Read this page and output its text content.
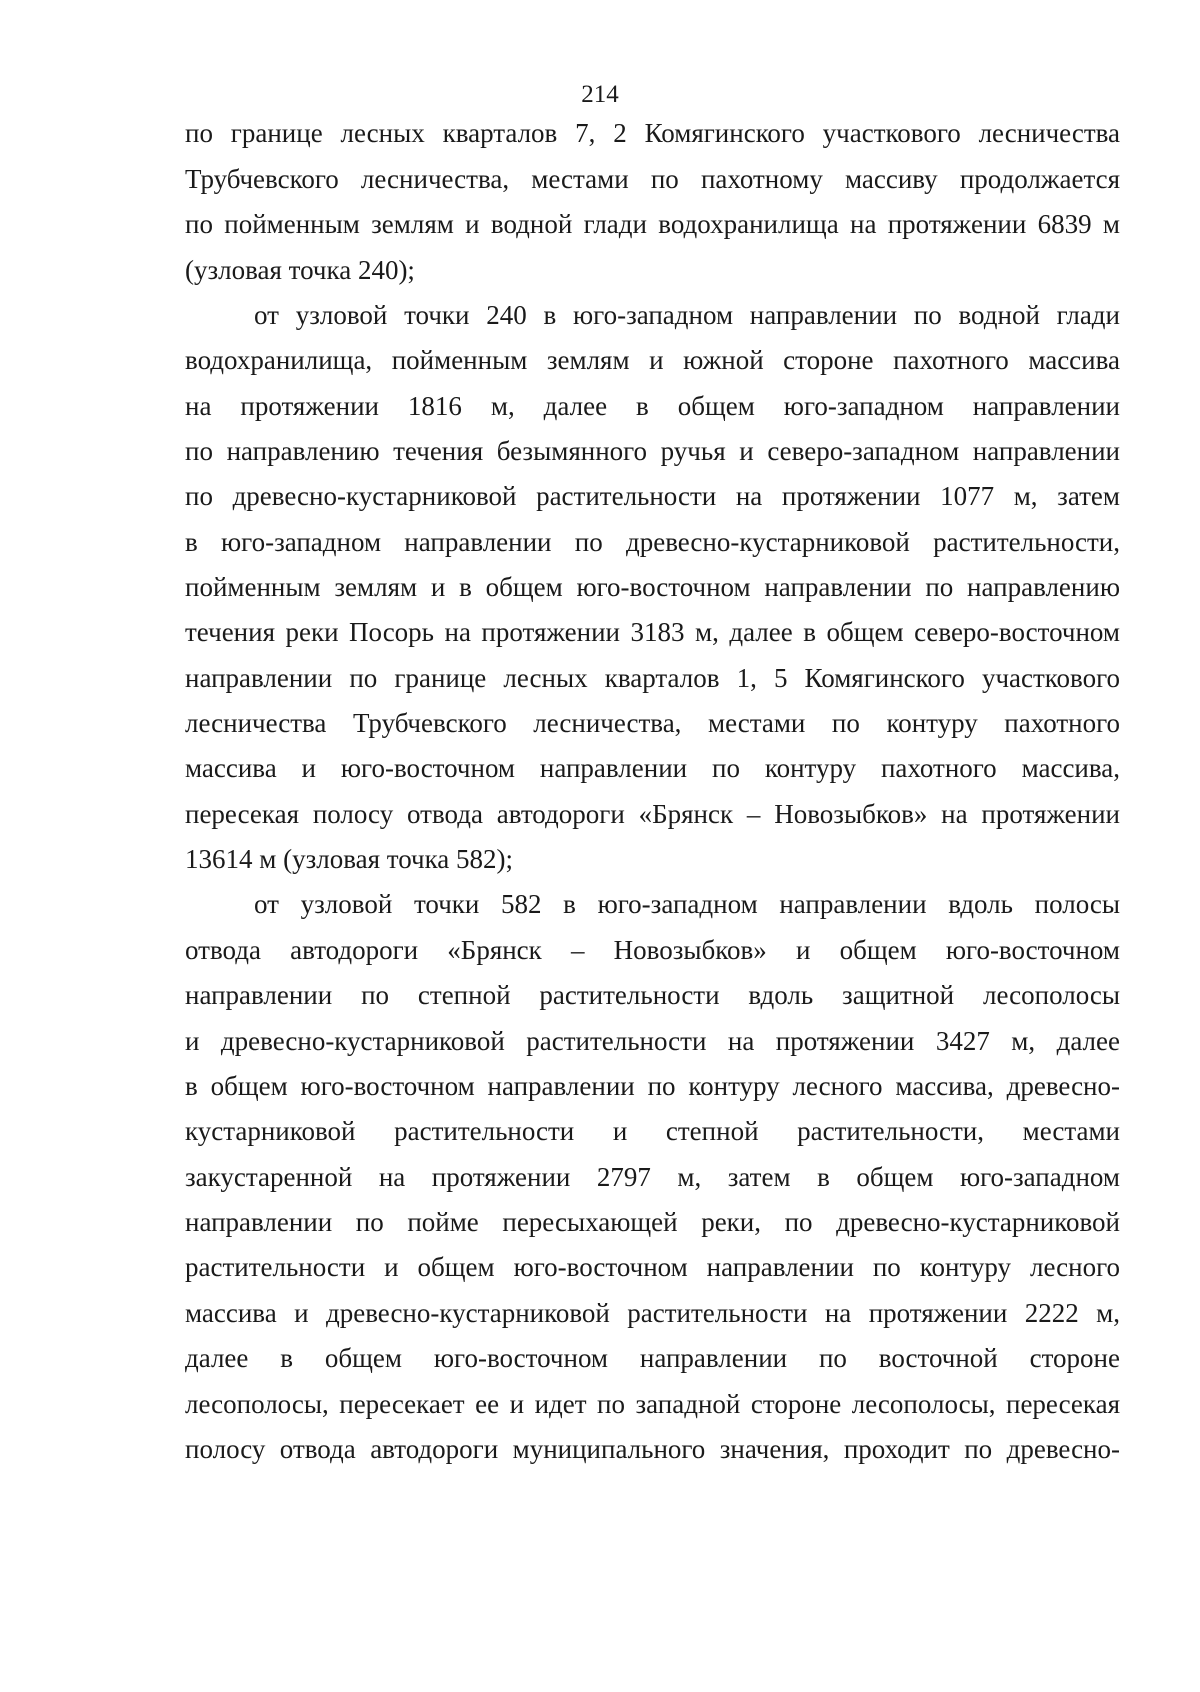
214
по границе лесных кварталов 7, 2 Комягинского участкового лесничества
Трубчевского лесничества, местами по пахотному массиву продолжается
по пойменным землям и водной глади водохранилища на протяжении 6839 м
(узловая точка 240);
от узловой точки 240 в юго-западном направлении по водной глади
водохранилища, пойменным землям и южной стороне пахотного массива
на протяжении 1816 м, далее в общем юго-западном направлении
по направлению течения безымянного ручья и северо-западном направлении
по древесно-кустарниковой растительности на протяжении 1077 м, затем
в юго-западном направлении по древесно-кустарниковой растительности,
пойменным землям и в общем юго-восточном направлении по направлению
течения реки Посорь на протяжении 3183 м, далее в общем северо-восточном
направлении по границе лесных кварталов 1, 5 Комягинского участкового
лесничества Трубчевского лесничества, местами по контуру пахотного
массива и юго-восточном направлении по контуру пахотного массива,
пересекая полосу отвода автодороги «Брянск – Новозыбков» на протяжении
13614 м (узловая точка 582);
от узловой точки 582 в юго-западном направлении вдоль полосы
отвода автодороги «Брянск – Новозыбков» и общем юго-восточном
направлении по степной растительности вдоль защитной лесополосы
и древесно-кустарниковой растительности на протяжении 3427 м, далее
в общем юго-восточном направлении по контуру лесного массива, древесно-
кустарниковой растительности и степной растительности, местами
закустаренной на протяжении 2797 м, затем в общем юго-западном
направлении по пойме пересыхающей реки, по древесно-кустарниковой
растительности и общем юго-восточном направлении по контуру лесного
массива и древесно-кустарниковой растительности на протяжении 2222 м,
далее в общем юго-восточном направлении по восточной стороне
лесополосы, пересекает ее и идет по западной стороне лесополосы, пересекая
полосу отвода автодороги муниципального значения, проходит по древесно-
